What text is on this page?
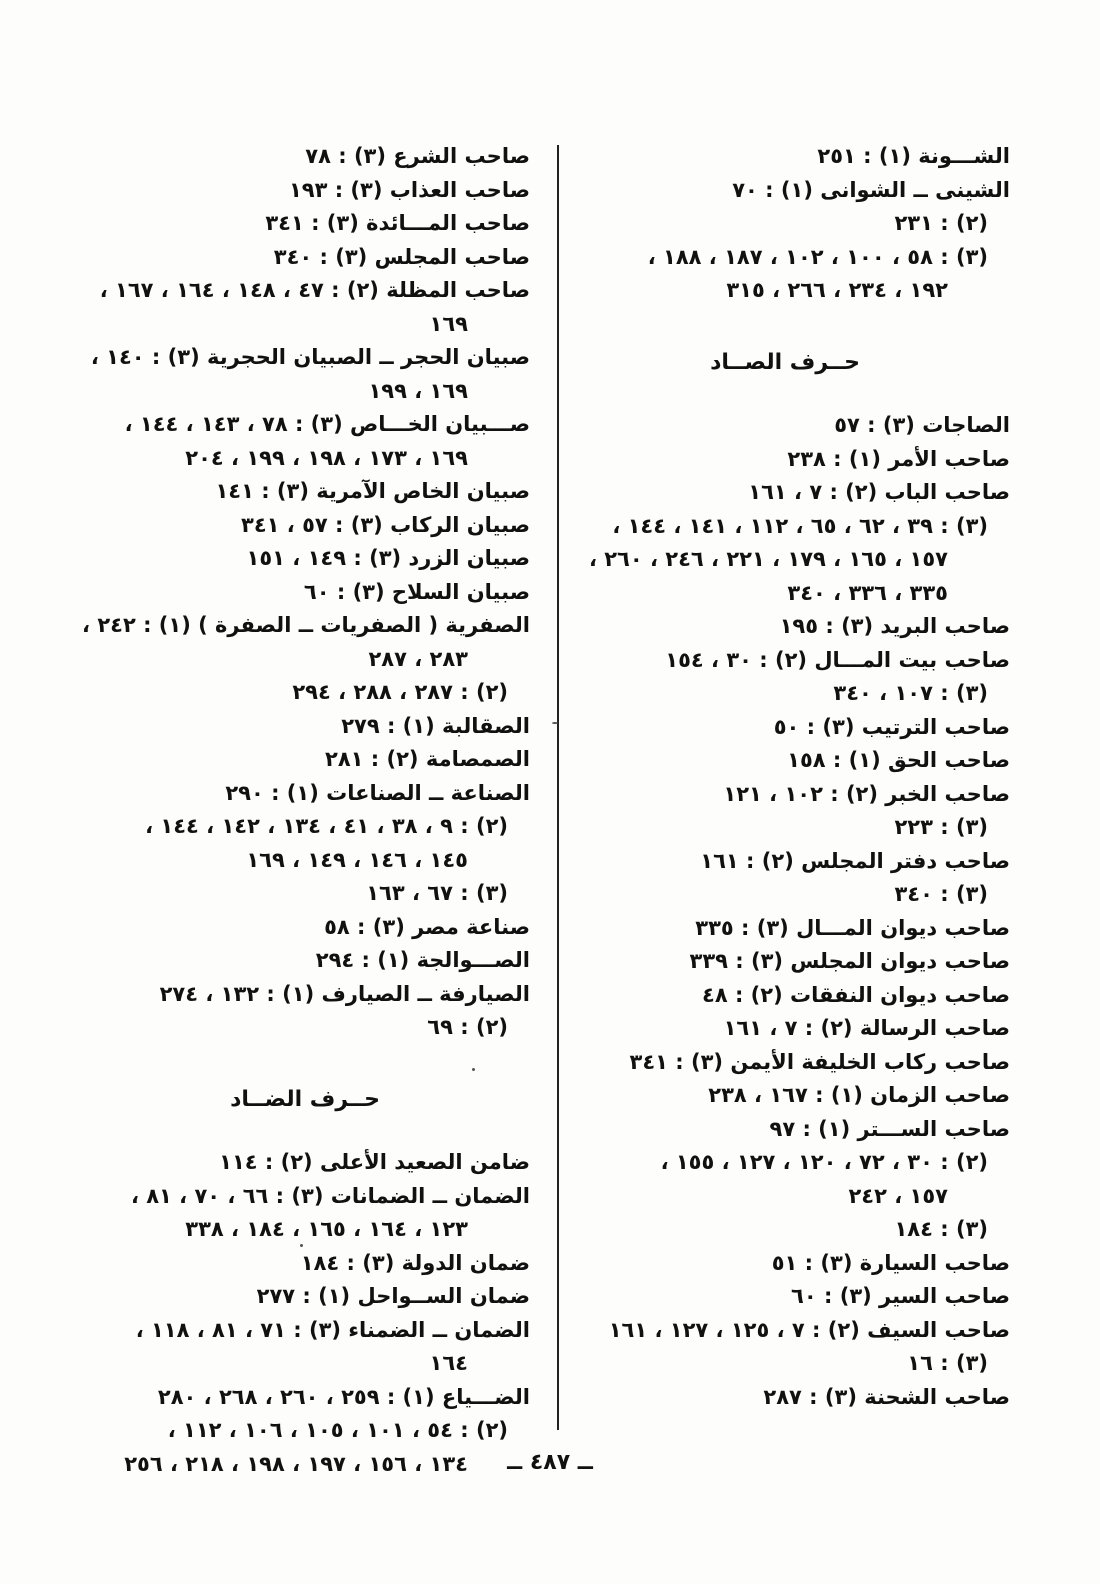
الشـــونة (١) : ٢٥١
الشينى ــ الشوانى (١) : ٧٠
(٢) : ٢٣١
(٣) : ٥٨ ، ١٠٠ ، ١٠٢ ، ١٨٧ ، ١٨٨ ،
١٩٢ ، ٢٣٤ ، ٢٦٦ ، ٣١٥
حــرف الصــاد
الصاجات (٣) : ٥٧
صاحب الأمر (١) : ٢٣٨
صاحب الباب (٢) : ٧ ، ١٦١
(٣) : ٣٩ ، ٦٢ ، ٦٥ ، ١١٢ ، ١٤١ ، ١٤٤ ،
١٥٧ ، ١٦٥ ، ١٧٩ ، ٢٢١ ، ٢٤٦ ، ٢٦٠ ،
٣٣٥ ، ٣٣٦ ، ٣٤٠
صاحب البريد (٣) : ١٩٥
صاحب بيت المـــال (٢) : ٣٠ ، ١٥٤
(٣) : ١٠٧ ، ٣٤٠
صاحب الترتيب (٣) : ٥٠
صاحب الحق (١) : ١٥٨
صاحب الخبر (٢) : ١٠٢ ، ١٢١
(٣) : ٢٢٣
صاحب دفتر المجلس (٢) : ١٦١
(٣) : ٣٤٠
صاحب ديوان المـــال (٣) : ٣٣٥
صاحب ديوان المجلس (٣) : ٣٣٩
صاحب ديوان النفقات (٢) : ٤٨
صاحب الرسالة (٢) : ٧ ، ١٦١
صاحب ركاب الخليفة الأيمن (٣) : ٣٤١
صاحب الزمان (١) : ١٦٧ ، ٢٣٨
صاحب الســـتر (١) : ٩٧
(٢) : ٣٠ ، ٧٢ ، ١٢٠ ، ١٢٧ ، ١٥٥ ،
١٥٧ ، ٢٤٢
(٣) : ١٨٤
صاحب السيارة (٣) : ٥١
صاحب السير (٣) : ٦٠
صاحب السيف (٢) : ٧ ، ١٢٥ ، ١٢٧ ، ١٦١
(٣) : ١٦
صاحب الشحنة (٣) : ٢٨٧
صاحب الشرع (٣) : ٧٨
صاحب العذاب (٣) : ١٩٣
صاحب المـــائدة (٣) : ٣٤١
صاحب المجلس (٣) : ٣٤٠
صاحب المظلة (٢) : ٤٧ ، ١٤٨ ، ١٦٤ ، ١٦٧ ،
١٦٩
صبيان الحجر ــ الصبيان الحجرية (٣) : ١٤٠ ،
١٦٩ ، ١٩٩
صـــبيان الخـــاص (٣) : ٧٨ ، ١٤٣ ، ١٤٤ ،
١٦٩ ، ١٧٣ ، ١٩٨ ، ١٩٩ ، ٢٠٤
صبيان الخاص الآمرية (٣) : ١٤١
صبيان الركاب (٣) : ٥٧ ، ٣٤١
صبيان الزرد (٣) : ١٤٩ ، ١٥١
صبيان السلاح (٣) : ٦٠
الصفرية ( الصفريات ــ الصفرة ) (١) : ٢٤٢ ،
٢٨٣ ، ٢٨٧
(٢) : ٢٨٧ ، ٢٨٨ ، ٢٩٤
الصقالبة (١) : ٢٧٩
الصمصامة (٢) : ٢٨١
الصناعة ــ الصناعات (١) : ٢٩٠
(٢) : ٩ ، ٣٨ ، ٤١ ، ١٣٤ ، ١٤٢ ، ١٤٤ ،
١٤٥ ، ١٤٦ ، ١٤٩ ، ١٦٩
(٣) : ٦٧ ، ١٦٣
صناعة مصر (٣) : ٥٨
الصـــوالجة (١) : ٢٩٤
الصيارفة ــ الصيارف (١) : ١٣٢ ، ٢٧٤
(٢) : ٦٩
حــرف الضــاد
ضامن الصعيد الأعلى (٢) : ١١٤
الضمان ــ الضمانات (٣) : ٦٦ ، ٧٠ ، ٨١ ،
١٢٣ ، ١٦٤ ، ١٦٥ ، ١٨٤ ، ٣٣٨
ضمان الدولة (٣) : ١٨٤
ضمان الســواحل (١) : ٢٧٧
الضمان ــ الضمناء (٣) : ٧١ ، ٨١ ، ١١٨ ،
١٦٤
الضـــياع (١) : ٢٥٩ ، ٢٦٠ ، ٢٦٨ ، ٢٨٠
(٢) : ٥٤ ، ١٠١ ، ١٠٥ ، ١٠٦ ، ١١٢ ،
١٣٤ ، ١٥٦ ، ١٩٧ ، ١٩٨ ، ٢١٨ ، ٢٥٦	ــ ٤٨٧ ــ
